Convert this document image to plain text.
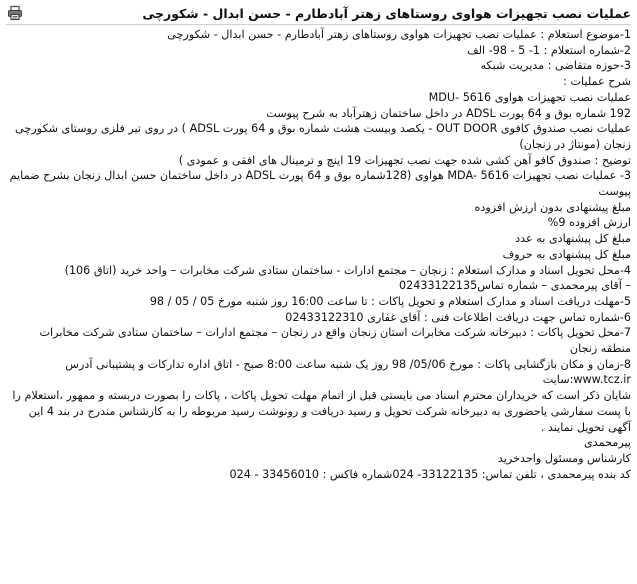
عملیات نصب تجهیزات هواوی روستاهای زهتر آبادطارم - حسن ابدال - شکورچی
1-موضوع استعلام : عملیات نصب تجهیزات هواوی روستاهای زهتر آبادطارم - حسن ابدال - شکورچی
2-شماره استعلام : 1- 5 - 98- الف
3-حوزه متقاضی : مدیریت شبکه
شرح عملیات :
عملیات نصب تجهیزات هواوی MDU- 5616
192 شماره بوق و 64 پورت ADSL در داخل ساختمان زهترآباد به شرح پیوست
عملیات نصب صندوق کافوی OUT DOOR - یکصد وبیست هشت شماره بوق و 64 پورت ADSL ) در روی تیر فلزی روستای شکورچی زنجان (مونتاژ در زنجان)
توضیح : صندوق کافو آهن کشی شده جهت نصب تجهیزات 19 اینچ و ترمینال های افقی و عمودی )
3- عملیات نصب تجهیزات MDA- 5616 هواوی (128شماره بوق و 64 پورت ADSL در داخل ساختمان حسن ابدال زنجان بشرح ضمایم پیوست
مبلغ پیشنهادی بدون ارزش افزوده
ارزش افزوده 9%
مبلغ کل پیشنهادی به عدد
مبلغ کل پیشنهادی به حروف
4-محل تحویل اسناد و مدارک استعلام : زنجان – مجتمع ادارات - ساختمان ستادی شرکت مخابرات – واحد خرید (اتاق 106)
– آقای پیرمحمدی – شماره تماس02433122135
5-مهلت دریافت اسناد و مدارک استعلام و تحویل پاکات : تا ساعت 16:00 روز شنبه مورخ 05 / 05 / 98
6-شماره تماس جهت دریافت اطلاعات فنی : آقای غفاری 02433122310
7-محل تحویل پاکات : دبیرخانه شرکت مخابرات استان زنجان واقع در زنجان – مجتمع ادارات – ساختمان ستادی شرکت مخابرات منطقه زنجان
8-زمان و مکان بازگشایی پاکات : مورخ 05/06/ 98 روز یک شنبه ساعت 8:00 صبح - اتاق اداره تدارکات و پشتیبانی آدرس
www.tcz.ir:سایت
شایان ذکر است که خریداران محترم اسناد می بایستی قبل از اتمام مهلت تحویل پاکات ، پاکات را بصورت دربسته و ممهور ،استعلام را با پست سفارشی یاحضوری به دبیرخانه شرکت تحویل و رسید دریافت و رونوشت رسید مربوطه را به کارشناس مندرج در بند 4 این آگهی تحویل نمایند .
پیرمحمدی
کارشناس ومسئول واحدخرید
کد بنده پیرمحمدی ، تلفن تماس: 33122135- 024شماره فاکس : 33456010 - 024
